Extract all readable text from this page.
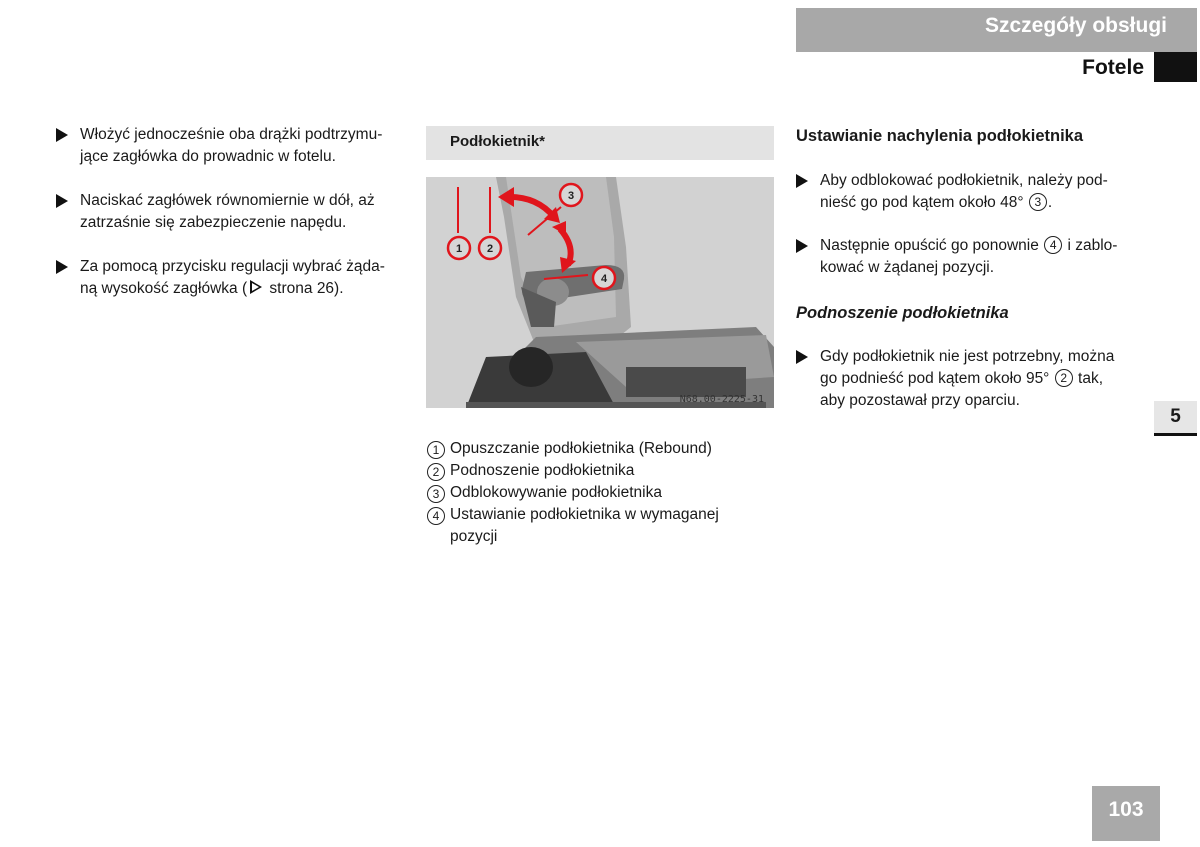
Szczegóły obsługi
Fotele
Włożyć jednocześnie oba drążki podtrzymu-
jące zagłówka do prowadnic w fotelu.
Naciskać zagłówek równomiernie w dół, aż
zatrzaśnie się zabezpieczenie napędu.
Za pomocą przycisku regulacji wybrać żąda-
ną wysokość zagłówka ( strona 26).
Podłokietnik*
1 2
3
4
N68.00-2225-31
1 Opuszczanie podłokietnika (Rebound)
2 Podnoszenie podłokietnika
3 Odblokowywanie podłokietnika
4 Ustawianie podłokietnika w wymaganej
pozycji
Ustawianie nachylenia podłokietnika
Aby odblokować podłokietnik, należy pod-
nieść go pod kątem około 48° 3 .
Następnie opuścić go ponownie 4 i zablo-
kować w żądanej pozycji.
Podnoszenie podłokietnika
Gdy podłokietnik nie jest potrzebny, można
go podnieść pod kątem około 95° 2 tak,
aby pozostawał przy oparciu.
5
103
